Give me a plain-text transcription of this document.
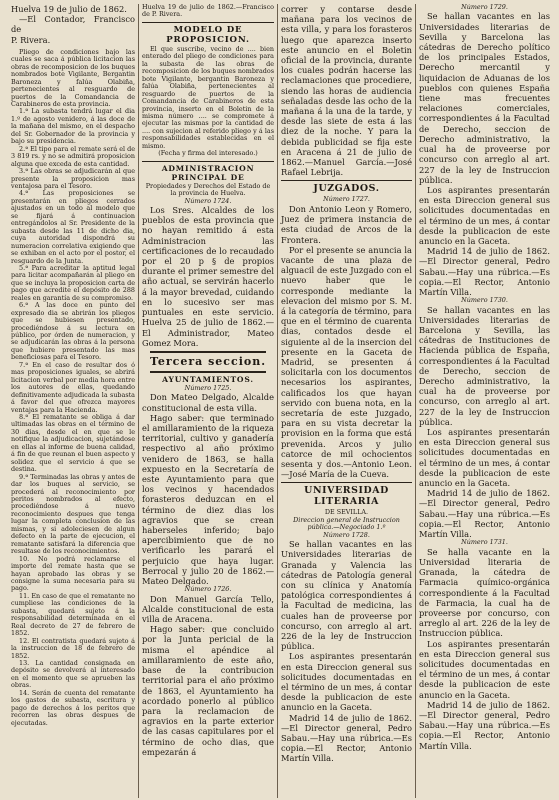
Huelva 19 de julio de 1862.

—El Contador, Francisco de

P. Rivera.

Pliego de condiciones bajo las cuales se saca á pública licitacion las obras de recomposicion de los buques nombrados bote Vigilante, Bergantin Baroneza y falúa Olabiña, pertenecientes al resguardo de puertos de la Comandancia de Carabineros de esta provincia.

1.ª La subasta tendrá lugar el dia 1.º de agosto venidero, á las doce de la mañana del mismo, en el despacho del Sr. Gobernador de la provincia y bajo su presidencia.

2.ª El tipo para el remate será el de 3 819 rs. y no se admitirá proposicion alguna que exceda de esta cantidad.

3.ª Las obras se adjudicarán al que presente la proposicion mas ventajosa para el Tesoro.

4.ª Las proposiciones se presentarán en pliegos cerrados ajustados en un todo al modelo que se fijará á continuacion entregándolos al Sr. Presidente de la subasta desde las 11 de dicho dia, cuya autoridad dispondrá su numeracion correlativa exigiendo que se exhiban en el acto por el postor, el resguardo de la Junta.

5.ª Para acreditar la aptitud legal para licitar acompañarán al pliego en que se incluya la proposicion carta de pago que acredite el depósito de 288 reales en garantía de su compromiso.

6.ª A las doce en punto del expresado dia se abrirán los pliegos que se hubiesen presentado, procediéndose á su lectura en público, por órden de numeracion, y se adjudicarán las obras á la persona que hubiere presentado las mas beneficiosas para el Tesoro.

7.ª En el caso de resultar dos ó mas proposiciones iguales, se abrirá licitacion verbal por media hora entre los autores de ellas, quedando definitivamente adjudicada la subasta á favor del que ofrezca mayores ventajas para la Hacienda.

8.ª El rematante se obliga á dar ultimadas las obras en el término de 30 dias, desde el en que se le notifique la adjudicacion, sujetándose en ellas al informe de buena calidad, á fin de que reunan el buen aspecto y solidez que el servicio á que se destina.

9.ª Terminadas las obras y antes de dar los buques al servicio, se procederá al reconocimiento por peritos nombrados al efecto, procediéndose á nuevo reconocimiento despues que tenga lugar la completa conclusion de las mismas, y si adoleciesen de algun defecto en la parte de ejecucion, el rematante satisfará la diferencia que resultase de los reconocimientos.

10. No podrá reclamarse el importe del remate hasta que se hayan aprobado las obras y se consigne la suma necesaria para su pago.

11. En caso de que el rematante no cumpliese las condiciones de la subasta, quedará sujeto á la responsabilidad determinada en el Real decreto de 27 de febrero de 1852.

12. El contratista quedará sujeto á la instruccion de 18 de febrero de 1852.

13. La cantidad consignada en depósito se devolverá al interesado en el momento que se aprueben las obras.

14. Serán de cuenta del rematante los gastos de subasta, escritura y pago de derechos á los peritos que recorren las obras despues de ejecutadas.

Huelva 19 de julio de 1862.—Francisco de P. Rivera.

MODELO DE PROPOSICION.

El que suscribe, vecino de .... bien enterado del pliego de condiciones para la subasta de las obras de recomposicion de los buques nombrados bote Vigilante, bergantin Baroneza y falúa Olabiña, pertenecientes al resguardo de puertos de la Comandancia de Carabineros de esta provincia, inserto en el Boletin de la misma número .... se compromete á ejecutar las mismas por la cantidad de .... con sujecion al referido pliego y á las responsabilidades establecidas en el mismo.

(Fecha y firma del interesado.)

ADMINISTRACION PRINCIPAL DE

Propiedades y Derechos del Estado de la provincia de Huelva.

Número 1724.

Los Sres. Alcaldes de los pueblos de esta provincia que no hayan remitido á esta Administracion las certificaciones de lo recaudado por el 20 p § de propios durante el primer semestre del año actual, se servirán hacerlo á la mayor brevedad, cuidando en lo sucesivo ser mas puntuales en este servicio. Huelva 25 de julio de 1862.—El Administrador, Mateo Gomez Mora.

Tercera seccion.
AYUNTAMIENTOS.

Número 1725.

Don Mateo Delgado, Alcalde constitucional de esta villa.

Hago saber: que terminado el amillaramiento de la riqueza territorial, cultivo y ganadería respectivo al año próximo venidero de 1863, se halla expuesto en la Secretaría de este Ayuntamiento para que los vecinos y hacendados forasteros deduzcan en el término de diez dias los agravios que se crean haberseles inferido; bajo apercibimiento que de no verificarlo les parará el perjuicio que haya lugar. Berrocal y julio 20 de 1862.—Mateo Delgado.

Número 1726.

Don Manuel García Tello, Alcalde constitucional de esta villa de Aracena.

Hago saber: que concluido por la Junta pericial de la misma el apéndice al amillaramiento de este año, base de la contribucion territorial para el año próximo de 1863, el Ayuntamiento ha acordado ponerlo al público para la reclamacion de agravios en la parte exterior de las casas capitulares por el término de ocho dias, que empezarán á

correr y contarse desde mañana para los vecinos de esta villa, y para los forasteros luego que aparezca inserto este anuncio en el Boletin oficial de la provincia, durante los cuales podrán hacerse las reclamaciones que procediere, siendo las horas de audiencia señaladas desde las ocho de la mañana á la una de la tarde, y desde las siete de esta á las diez de la noche. Y para la debida publicidad se fija este en Aracena á 21 de julio de 1862.—Manuel García.—José Rafael Lebrija.

JUZGADOS.

Número 1727.

Don Antonio Leon y Romero, Juez de primera instancia de esta ciudad de Arcos de la Frontera.

Por el presente se anuncia la vacante de una plaza de alguacil de este Juzgado con el nuevo haber que le corresponde mediante la elevacion del mismo por S. M. á la categoría de término, para que en el término de cuarenta dias, contados desde el siguiente al de la insercion del presente en la Gaceta de Madrid, se presenten á solicitarla con los documentos necesarios los aspirantes, calificados los que hayan servido con buena nota, en la secretaría de este Juzgado, para en su vista decretar la provision en la forma que está prevenida. Arcos y julio catorce de mil ochocientos sesenta y dos.—Antonio Leon.—José María de la Cueva.

UNIVERSIDAD LITERARIA

DE SEVILLA.

Direccion general de Instruccion pública.—Negociado 1.º

Número 1728.

Se hallan vacantes en las Universidades literarias de Granada y Valencia las cátedras de Patología general con su clínica y Anatomía patológica correspondientes á la Facultad de medicina, las cuales han de proveerse por concurso, con arreglo al art. 226 de la ley de Instruccion pública.

Los aspirantes presentarán en esta Direccion general sus solicitudes documentadas en el término de un mes, á contar desde la publicacion de este anuncio en la Gaceta.

Madrid 14 de julio de 1862.—El Director general, Pedro Sabau.—Hay una rúbrica.—Es copia.—El Rector, Antonio Martín Villa.

Número 1729.

Se hallan vacantes en las Universidades literarias de Sevilla y Barcelona las cátedras de Derecho político de los principales Estados, Derecho mercantil y liquidacion de Aduanas de los pueblos con quienes España tiene mas frecuentes relaciones comerciales, correspondientes á la Facultad de Derecho, seccion de Derecho administrativo, la cual ha de proveerse por concurso con arreglo al art. 227 de la ley de Instruccion pública.

Los aspirantes presentarán en esta Direccion general sus solicitudes documentadas en el término de un mes, á contar desde la publicacion de este anuncio en la Gaceta.

Madrid 14 de julio de 1862.—El Director general, Pedro Sabau.—Hay una rúbrica.—Es copia.—El Rector, Antonio Martín Villa.

Número 1730.

Se hallan vacantes en las Universidades literarias de Barcelona y Sevilla, las cátedras de Instituciones de Hacienda pública de España, correspondientes á la Facultad de Derecho, seccion de Derecho administrativo, la cual ha de proveerse por concurso, con arreglo al art. 227 de la ley de Instruccion pública.

Los aspirantes presentarán en esta Direccion general sus solicitudes documentadas en el término de un mes, á contar desde la publicacion de este anuncio en la Gaceta.

Madrid 14 de julio de 1862.—El Director general, Pedro Sabau.—Hay una rúbrica.—Es copia.—El Rector, Antonio Martín Villa.

Número 1731.

Se halla vacante en la Universidad literaria de Granada, la cátedra de Farmacia químico-orgánica correspondiente á la Facultad de Farmacia, la cual ha de proveerse por concurso, con arreglo al art. 226 de la ley de Instruccion pública.

Los aspirantes presentarán en esta Direccion general sus solicitudes documentadas en el término de un mes, á contar desde la publicacion de este anuncio en la Gaceta.

Madrid 14 de julio de 1862.—El Director general, Pedro Sabau.—Hay una rúbrica.—Es copia.—El Rector, Antonio Martín Villa.
